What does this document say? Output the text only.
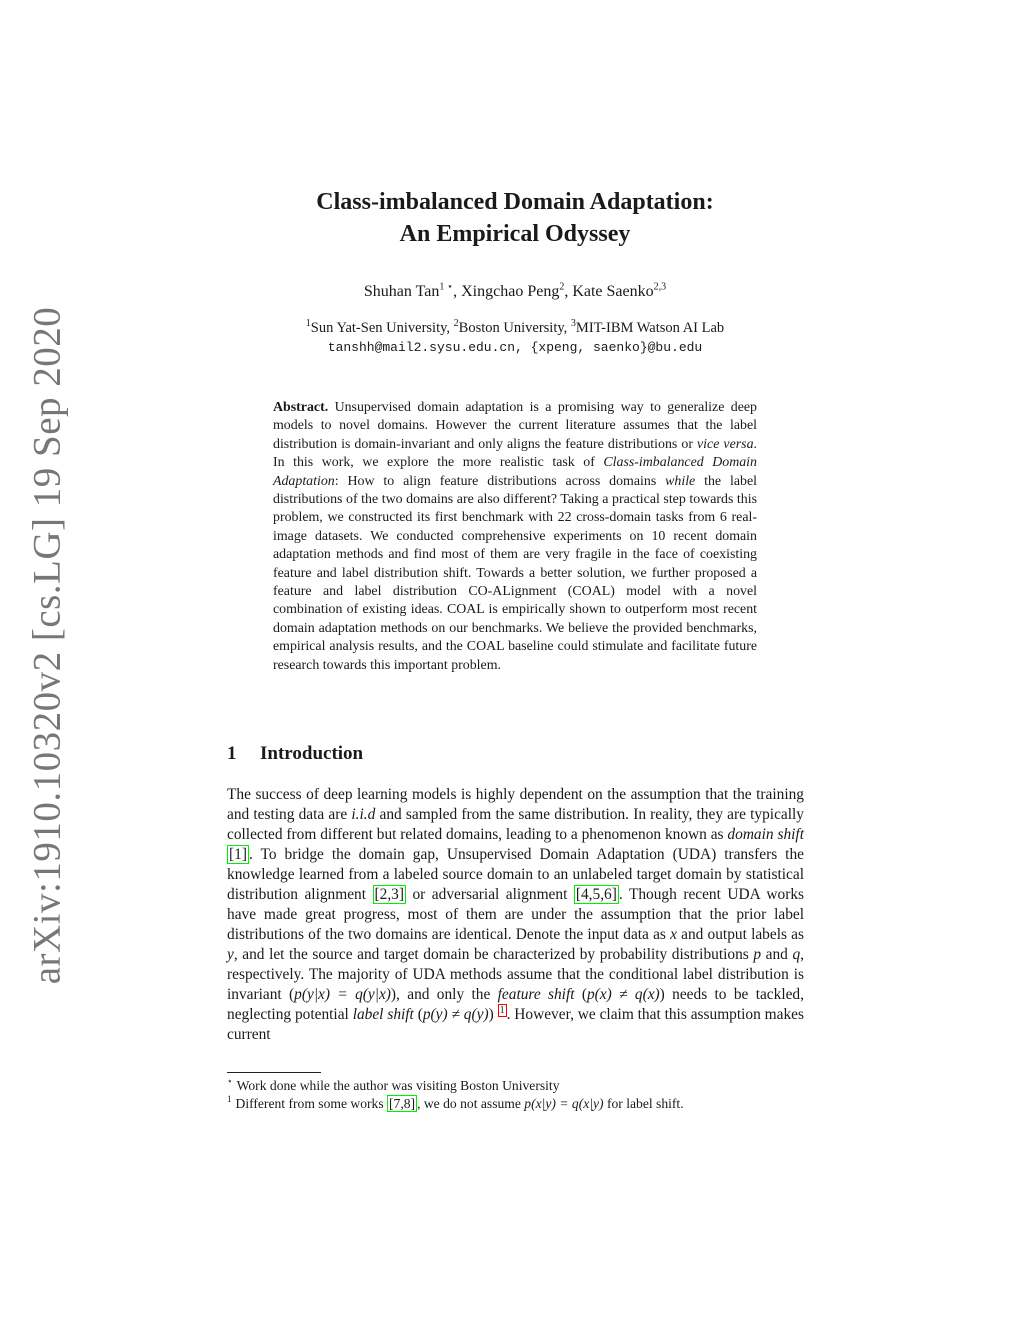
arXiv:1910.10320v2 [cs.LG] 19 Sep 2020
Class-imbalanced Domain Adaptation:
An Empirical Odyssey
Shuhan Tan$^{1 ⋆}$, Xingchao Peng$^2$, Kate Saenko$^{2,3}$
$^1$Sun Yat-Sen University, $^2$Boston University, $^3$MIT-IBM Watson AI Lab
tanshh@mail2.sysu.edu.cn, {xpeng, saenko}@bu.edu
Abstract. Unsupervised domain adaptation is a promising way to generalize deep models to novel domains. However the current literature assumes that the label distribution is domain-invariant and only aligns the feature distributions or vice versa. In this work, we explore the more realistic task of Class-imbalanced Domain Adaptation: How to align feature distributions across domains while the label distributions of the two domains are also different? Taking a practical step towards this problem, we constructed its first benchmark with 22 cross-domain tasks from 6 real-image datasets. We conducted comprehensive experiments on 10 recent domain adaptation methods and find most of them are very fragile in the face of coexisting feature and label distribution shift. Towards a better solution, we further proposed a feature and label distribution CO-ALignment (COAL) model with a novel combination of existing ideas. COAL is empirically shown to outperform most recent domain adaptation methods on our benchmarks. We believe the provided benchmarks, empirical analysis results, and the COAL baseline could stimulate and facilitate future research towards this important problem.
1 Introduction
The success of deep learning models is highly dependent on the assumption that the training and testing data are i.i.d and sampled from the same distribution. In reality, they are typically collected from different but related domains, leading to a phenomenon known as domain shift [1] . To bridge the domain gap, Unsupervised Domain Adaptation (UDA) transfers the knowledge learned from a labeled source domain to an unlabeled target domain by statistical distribution alignment [2,3] or adversarial alignment [4,5,6] . Though recent UDA works have made great progress, most of them are under the assumption that the prior label distributions of the two domains are identical. Denote the input data as x and output labels as y, and let the source and target domain be characterized by probability distributions p and q, respectively. The majority of UDA methods assume that the conditional label distribution is invariant (p(y|x) = q(y|x)), and only the feature shift (p(x) ≠ q(x)) needs to be tackled, neglecting potential label shift (p(y) ≠ q(y)) $^1$ . However, we claim that this assumption makes current
⋆ Work done while the author was visiting Boston University
$^1$ Different from some works [7,8] , we do not assume p(x|y) = q(x|y) for label shift.
